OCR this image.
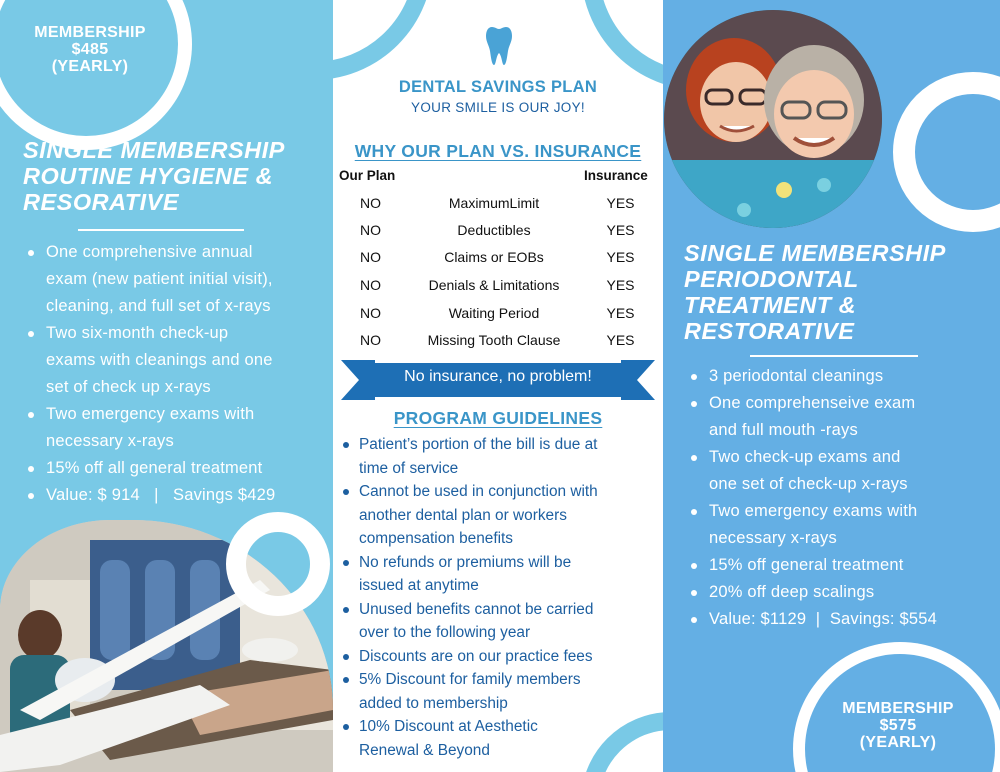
MEMBERSHIP
$485
(YEARLY)
SINGLE MEMBERSHIP
ROUTINE HYGIENE &
RESORATIVE
One comprehensive annual
exam (new patient initial visit),
cleaning, and full set of x-rays
Two six-month check-up
exams with cleanings and one
set of check up x-rays
Two emergency exams with
necessary x-rays
15% off all general treatment
Value: $ 914   |   Savings $429
DENTAL SAVINGS PLAN
YOUR SMILE IS OUR JOY!
WHY OUR PLAN VS. INSURANCE
Our Plan	Insurance
NO	MaximumLimit	YES
NO	Deductibles	YES
NO	Claims or EOBs	YES
NO	Denials & Limitations	YES
NO	Waiting Period	YES
NO	Missing Tooth Clause	YES
No insurance, no problem!
PROGRAM GUIDELINES
Patient’s portion of the bill is due at
time of service
Cannot be used in conjunction with
another dental plan or workers
compensation benefits
No refunds or premiums will be
issued at anytime
Unused benefits cannot be carried
over to the following year
Discounts are on our practice fees
5% Discount for family members
added to membership
10% Discount at Aesthetic
Renewal & Beyond
SINGLE MEMBERSHIP
PERIODONTAL
TREATMENT &
RESTORATIVE
3 periodontal cleanings
One comprehenseive exam
and full mouth -rays
Two check-up exams and
one set of check-up x-rays
Two emergency exams with
necessary x-rays
15% off general treatment
20% off deep scalings
Value: $1129  |  Savings: $554
MEMBERSHIP
$575
(YEARLY)
